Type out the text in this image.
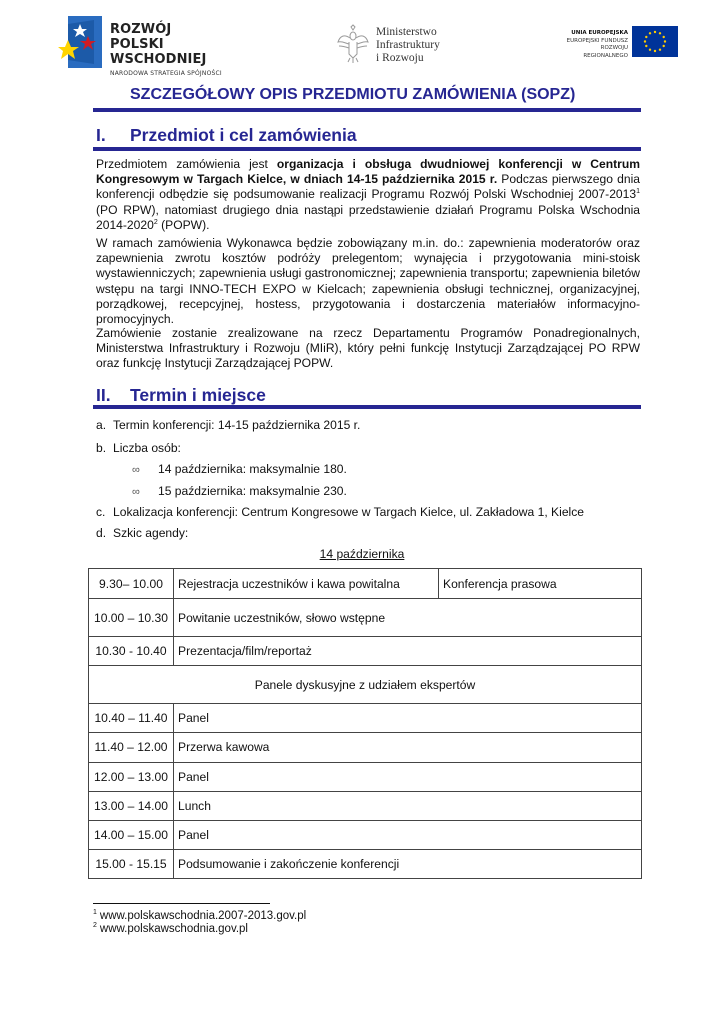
ROZWÓJ
POLSKI WSCHODNIEJ
NARODOWA STRATEGIA SPÓJNOŚCI
Ministerstwo
Infrastruktury
i Rozwoju
UNIA EUROPEJSKA
EUROPEJSKI FUNDUSZ
ROZWOJU REGIONALNEGO
SZCZEGÓŁOWY OPIS PRZEDMIOTU ZAMÓWIENIA (SOPZ)
I. Przedmiot i cel zamówienia
Przedmiotem zamówienia jest organizacja i obsługa dwudniowej konferencji w Centrum Kongresowym w Targach Kielce, w dniach 14-15 października 2015 r. Podczas pierwszego dnia konferencji odbędzie się podsumowanie realizacji Programu Rozwój Polski Wschodniej 2007-2013$^1$ (PO RPW), natomiast drugiego dnia nastąpi przedstawienie działań Programu Polska Wschodnia 2014-2020$^2$ (POPW).
W ramach zamówienia Wykonawca będzie zobowiązany m.in. do.: zapewnienia moderatorów oraz zapewnienia zwrotu kosztów podróży prelegentom; wynajęcia i przygotowania mini-stoisk wystawienniczych; zapewnienia usługi gastronomicznej; zapewnienia transportu; zapewnienia biletów wstępu na targi INNO-TECH EXPO w Kielcach; zapewnienia obsługi technicznej, organizacyjnej, porządkowej, recepcyjnej, hostess, przygotowania i dostarczenia materiałów informacyjno-promocyjnych.
Zamówienie zostanie zrealizowane na rzecz Departamentu Programów Ponadregionalnych, Ministerstwa Infrastruktury i Rozwoju (MIiR), który pełni funkcję Instytucji Zarządzającej PO RPW oraz funkcję Instytucji Zarządzającej POPW.
II. Termin i miejsce
a. Termin konferencji: 14-15 października 2015 r.
b. Liczba osób:
∞ 14 października: maksymalnie 180.
∞ 15 października: maksymalnie 230.
c. Lokalizacja konferencji: Centrum Kongresowe w Targach Kielce, ul. Zakładowa 1, Kielce
d. Szkic agendy:
14 października
9.30– 10.00	Rejestracja uczestników i kawa powitalna	Konferencja prasowa
10.00 – 10.30	Powitanie uczestników, słowo wstępne	
10.30 - 10.40	Prezentacja/film/reportaż	
Panele dyskusyjne z udziałem ekspertów		
10.40 – 11.40	Panel	
11.40 – 12.00	Przerwa kawowa	
12.00 – 13.00	Panel	
13.00 – 14.00	Lunch	
14.00 – 15.00	Panel	
15.00 - 15.15	Podsumowanie i zakończenie konferencji	
$^1$ www.polskawschodnia.2007-2013.gov.pl
$^2$ www.polskawschodnia.gov.pl
